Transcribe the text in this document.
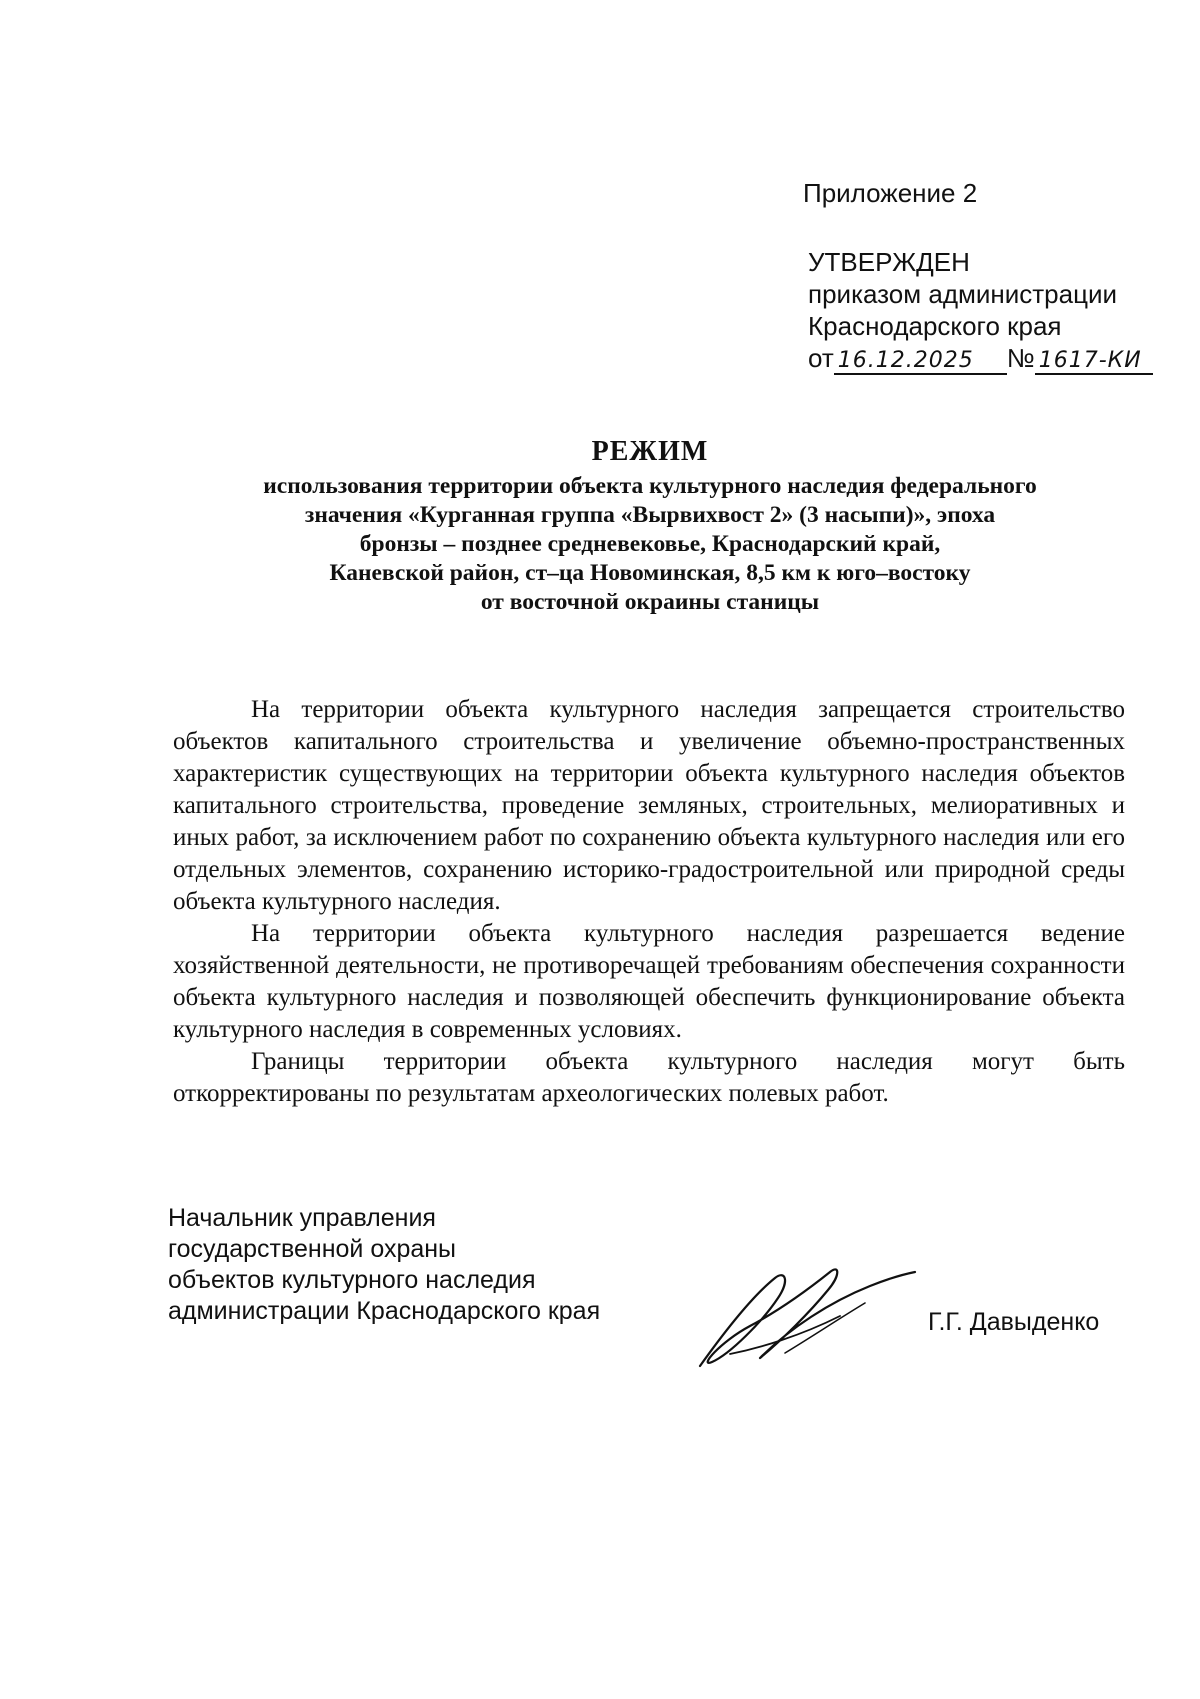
Приложение 2
УТВЕРЖДЕН
приказом администрации
Краснодарского края
от 16.12.2025 № 1617-КИ
РЕЖИМ
использования территории объекта культурного наследия федерального
значения «Курганная группа «Вырвихвост 2» (3 насыпи)», эпоха
бронзы – позднее средневековье, Краснодарский край,
Каневской район, ст–ца Новоминская, 8,5 км к юго–востоку
от восточной окраины станицы

На территории объекта культурного наследия запрещается строительство объектов капитального строительства и увеличение объемно-пространственных характеристик существующих на территории объекта культурного наследия объектов капитального строительства, проведение земляных, строительных, мелиоративных и иных работ, за исключением работ по сохранению объекта культурного наследия или его отдельных элементов, сохранению историко-градостроительной или природной среды объекта культурного наследия.

На территории объекта культурного наследия разрешается ведение хозяйственной деятельности, не противоречащей требованиям обеспечения сохранности объекта культурного наследия и позволяющей обеспечить функционирование объекта культурного наследия в современных условиях.

Границы территории объекта культурного наследия могут быть откорректированы по результатам археологических полевых работ.

Начальник управления
государственной охраны
объектов культурного наследия
администрации Краснодарского края	Г.Г. Давыденко
